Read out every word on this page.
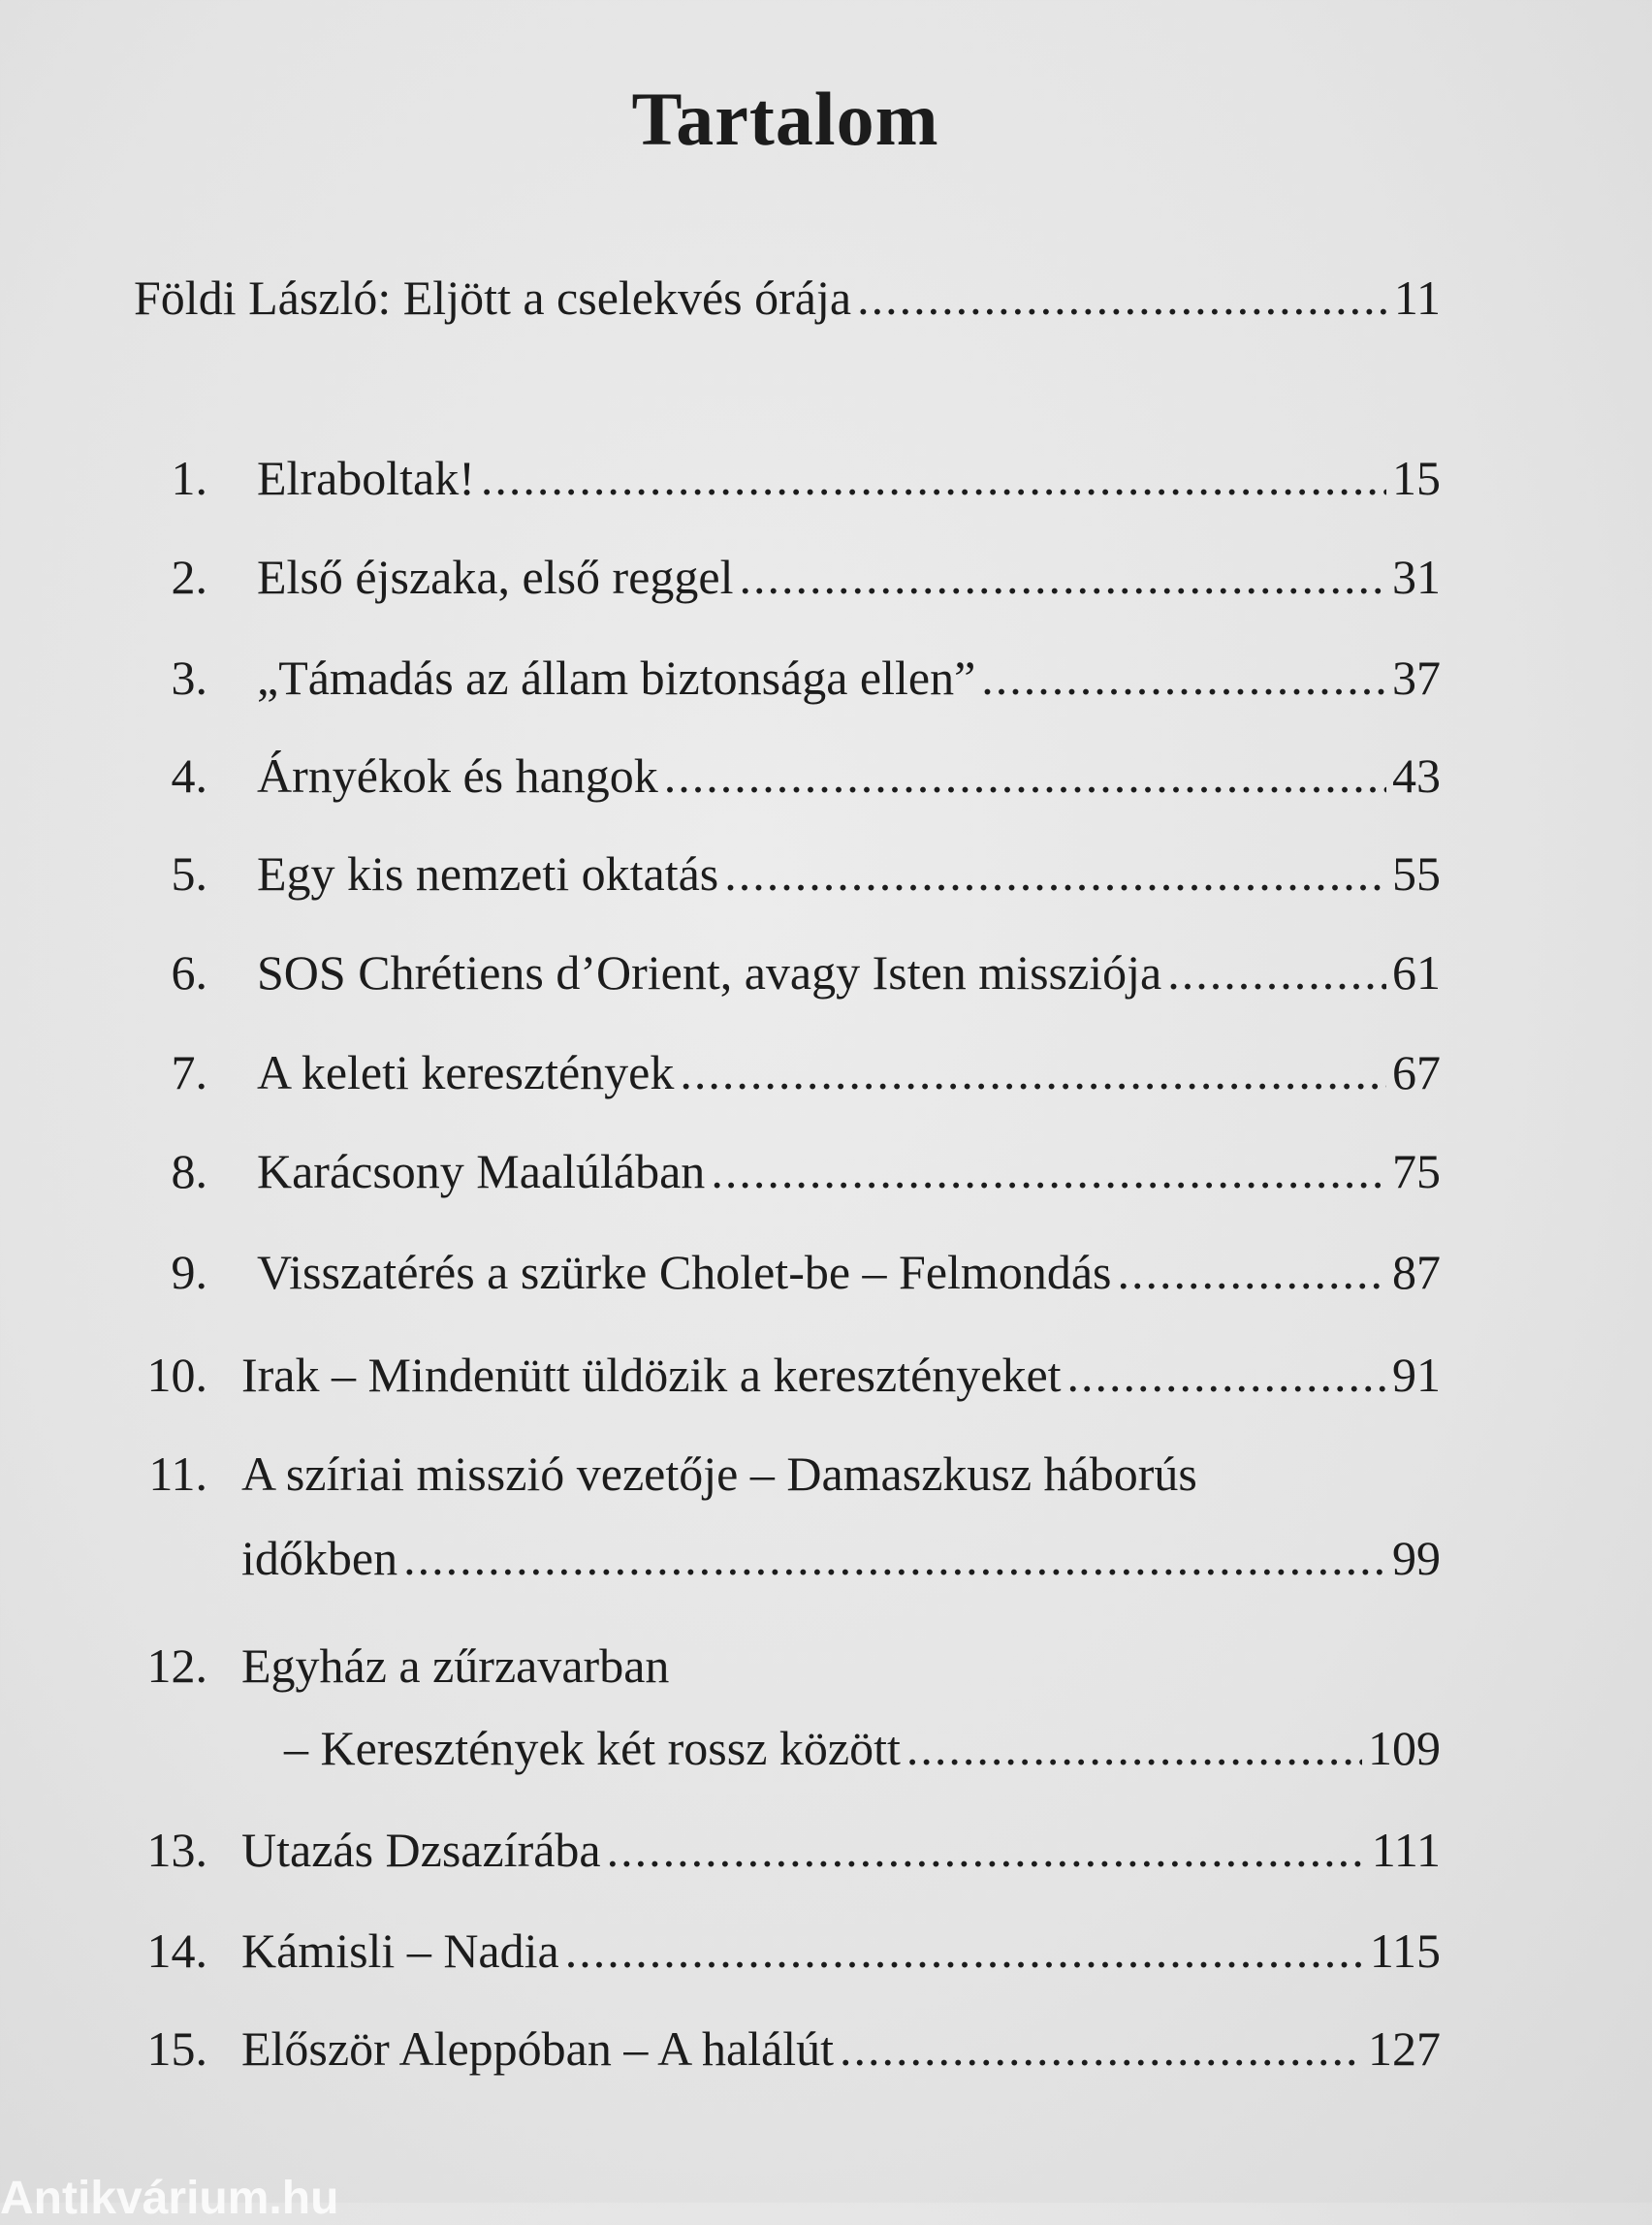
Tartalom
Földi László: Eljött a cselekvés órája .....	11
1. Elraboltak! .....	15
2. Első éjszaka, első reggel .....	31
3. „Támadás az állam biztonsága ellen” .....	37
4. Árnyékok és hangok .....	43
5. Egy kis nemzeti oktatás .....	55
6. SOS Chrétiens d’Orient, avagy Isten missziója .....	61
7. A keleti keresztények .....	67
8. Karácsony Maalúlában .....	75
9. Visszatérés a szürke Cholet-be – Felmondás .....	87
10. Irak – Mindenütt üldözik a keresztényeket .....	91
11. A szíriai misszió vezetője – Damaszkusz háborús
időkben .....	99
12. Egyház a zűrzavarban
– Keresztények két rossz között .....	109
13. Utazás Dzsazírába .....	111
14. Kámisli – Nadia .....	115
15. Először Aleppóban – A halálút .....	127
Antikvárium.hu
